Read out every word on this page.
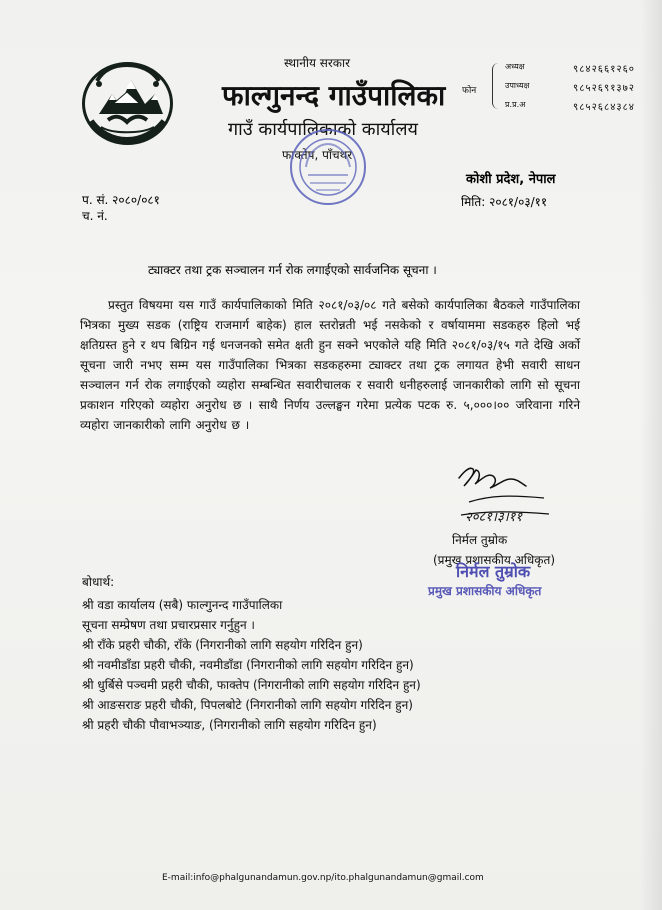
स्थानीय सरकार
फाल्गुनन्द गाउँपालिका
गाउँ कार्यपालिकाको कार्यालय
फाक्तेप, पाँचथर
फोन
अध्यक्ष	९८४२६६१२६०
उपाध्यक्ष	९८५२६९१३७२
प्र.प्र.अ	९८५२६८४३८४
कोशी प्रदेश, नेपाल
मिति: २०८१/०३/११
प. सं. २०८०/०८१
च. नं.
ट्याक्टर तथा ट्रक सञ्चालन गर्न रोक लगाईएको सार्वजनिक सूचना ।
प्रस्तुत विषयमा यस गाउँ कार्यपालिकाको मिति २०८१/०३/०८ गते बसेको कार्यपालिका बैठकले गाउँपालिका भित्रका मुख्य सडक (राष्ट्रिय राजमार्ग बाहेक) हाल स्तरोन्नती भई नसकेको र वर्षायाममा सडकहरु हिलो भई क्षतिग्रस्त हुने र थप बिग्रिन गई धनजनको समेत क्षती हुन सक्ने भएकोले यहि मिति २०८१/०३/१५ गते देखि अर्को सूचना जारी नभए सम्म यस गाउँपालिका भित्रका सडकहरुमा ट्याक्टर तथा ट्रक लगायत हेभी सवारी साधन सञ्चालन गर्न रोक लगाईएको व्यहोरा सम्बन्धित सवारीचालक र सवारी धनीहरुलाई जानकारीको लागि सो सूचना प्रकाशन गरिएको व्यहोरा अनुरोध छ । साथै निर्णय उल्लङ्घन गरेमा प्रत्येक पटक रु. ५,०००।०० जरिवाना गरिने व्यहोरा जानकारीको लागि अनुरोध छ ।
२०८१।३।११
निर्मल तुम्रोक
(प्रमुख प्रशासकीय अधिकृत)
निर्मल तुम्रोक
प्रमुख प्रशासकीय अधिकृत
बोधार्थ:
श्री वडा कार्यालय (सबै) फाल्गुनन्द गाउँपालिका
सूचना सम्प्रेषण तथा प्रचारप्रसार गर्नुहुन ।
श्री राँके प्रहरी चौकी, राँके (निगरानीको लागि सहयोग गरिदिन हुन)
श्री नवमीडाँडा प्रहरी चौकी, नवमीडाँडा (निगरानीको लागि सहयोग गरिदिन हुन)
श्री धुर्बिसे पञ्चमी प्रहरी चौकी, फाक्तेप (निगरानीको लागि सहयोग गरिदिन हुन)
श्री आङसराङ प्रहरी चौकी, पिपलबोटे (निगरानीको लागि सहयोग गरिदिन हुन)
श्री प्रहरी चौकी पौवाभञ्‍याङ, (निगरानीको लागि सहयोग गरिदिन हुन)
E-mail:info@phalgunandamun.gov.np/ito.phalgunandamun@gmail.com
